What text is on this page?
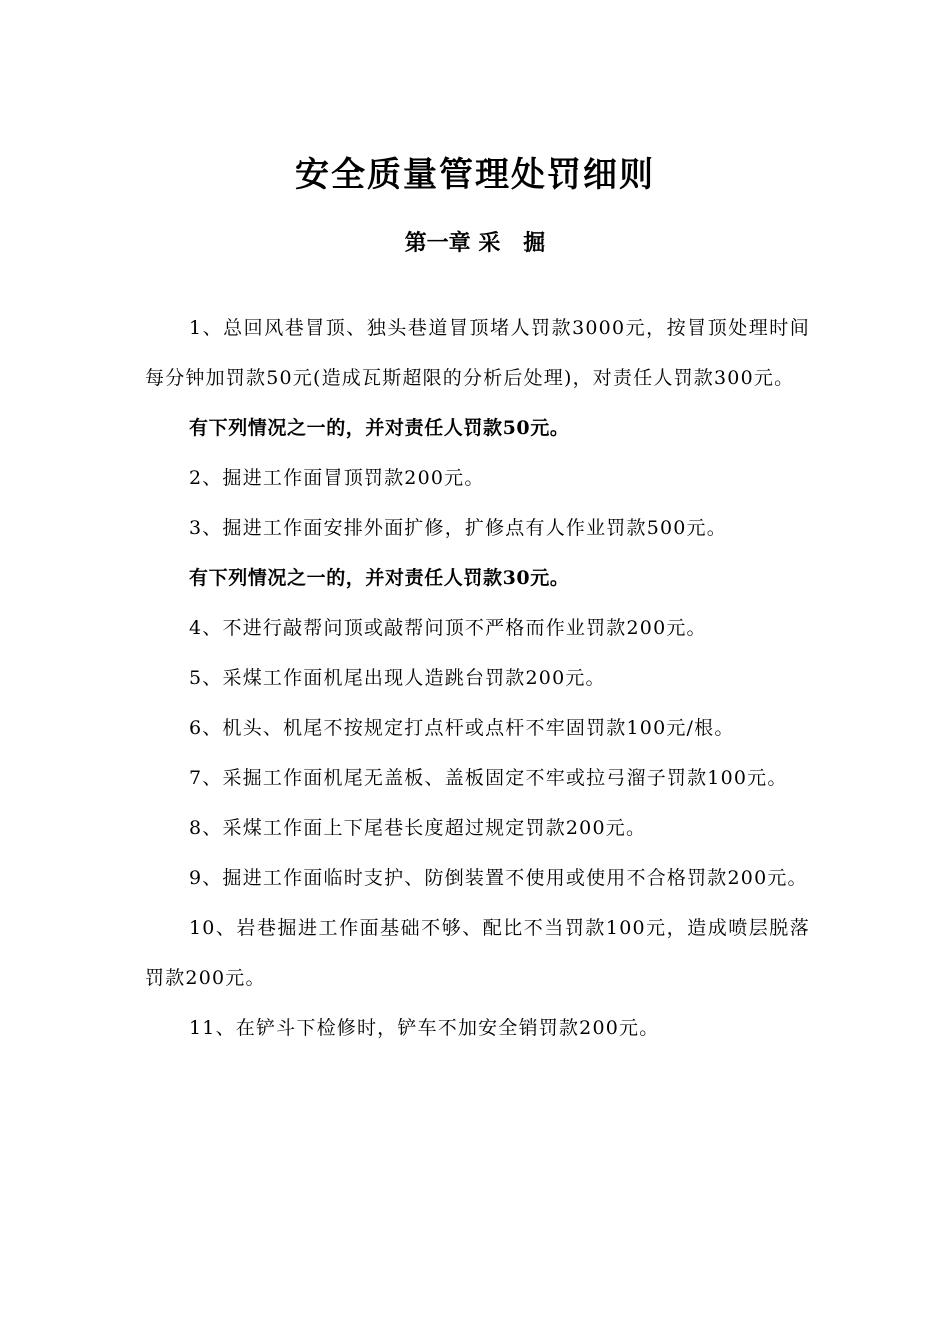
安全质量管理处罚细则
第一章 采   掘

1、总回风巷冒顶、独头巷道冒顶堵人罚款3000元，按冒顶处理时间每分钟加罚款50元(造成瓦斯超限的分析后处理)，对责任人罚款300元。

有下列情况之一的，并对责任人罚款50元。

2、掘进工作面冒顶罚款200元。

3、掘进工作面安排外面扩修，扩修点有人作业罚款500元。

有下列情况之一的，并对责任人罚款30元。

4、不进行敲帮问顶或敲帮问顶不严格而作业罚款200元。

5、采煤工作面机尾出现人造跳台罚款200元。

6、机头、机尾不按规定打点杆或点杆不牢固罚款100元/根。

7、采掘工作面机尾无盖板、盖板固定不牢或拉弓溜子罚款100元。

8、采煤工作面上下尾巷长度超过规定罚款200元。

9、掘进工作面临时支护、防倒装置不使用或使用不合格罚款200元。

10、岩巷掘进工作面基础不够、配比不当罚款100元，造成喷层脱落罚款200元。

11、在铲斗下检修时，铲车不加安全销罚款200元。
